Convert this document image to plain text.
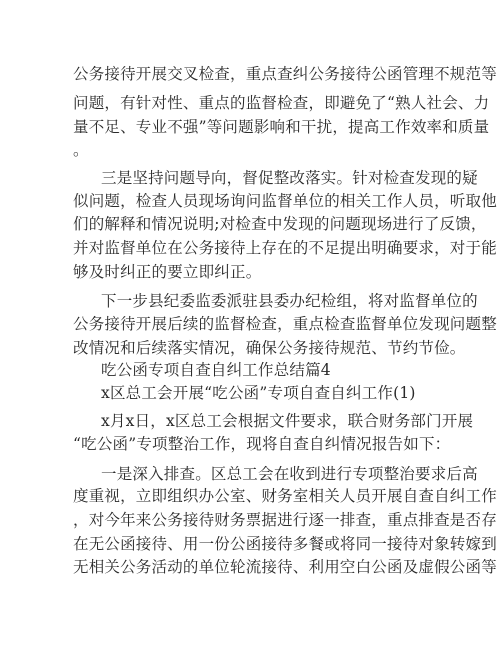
公务接待开展交叉检查，重点查纠公务接待公函管理不规范等
问题，有针对性、重点的监督检查，即避免了“熟人社会、力
量不足、专业不强”等问题影响和干扰，提高工作效率和质量
。
三是坚持问题导向，督促整改落实。针对检查发现的疑
似问题，检查人员现场询问监督单位的相关工作人员，听取他
们的解释和情况说明;对检查中发现的问题现场进行了反馈，
并对监督单位在公务接待上存在的不足提出明确要求，对于能
够及时纠正的要立即纠正。
下一步县纪委监委派驻县委办纪检组，将对监督单位的
公务接待开展后续的监督检查，重点检查监督单位发现问题整
改情况和后续落实情况，确保公务接待规范、节约节俭。
吃公函专项自查自纠工作总结篇4
x区总工会开展“吃公函”专项自查自纠工作(1)
x月x日，x区总工会根据文件要求，联合财务部门开展
“吃公函”专项整治工作，现将自查自纠情况报告如下：
一是深入排查。区总工会在收到进行专项整治要求后高
度重视，立即组织办公室、财务室相关人员开展自查自纠工作
，对今年来公务接待财务票据进行逐一排查，重点排查是否存
在无公函接待、用一份公函接待多餐或将同一接待对象转嫁到
无相关公务活动的单位轮流接待、利用空白公函及虚假公函等
